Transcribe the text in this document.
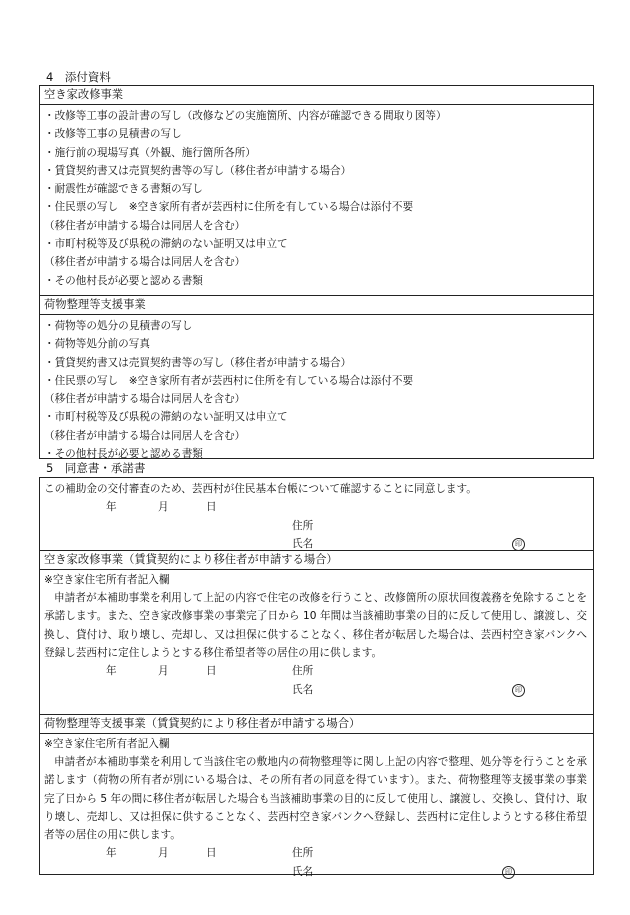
4　添付資料
空き家改修事業
・改修等工事の設計書の写し（改修などの実施箇所、内容が確認できる間取り図等）
・改修等工事の見積書の写し
・施行前の現場写真（外観、施行箇所各所）
・賃貸契約書又は売買契約書等の写し（移住者が申請する場合）
・耐震性が確認できる書類の写し
・住民票の写し　※空き家所有者が芸西村に住所を有している場合は添付不要
（移住者が申請する場合は同居人を含む）
・市町村税等及び県税の滞納のない証明又は申立て
（移住者が申請する場合は同居人を含む）
・その他村長が必要と認める書類
荷物整理等支援事業
・荷物等の処分の見積書の写し
・荷物等処分前の写真
・賃貸契約書又は売買契約書等の写し（移住者が申請する場合）
・住民票の写し　※空き家所有者が芸西村に住所を有している場合は添付不要
（移住者が申請する場合は同居人を含む）
・市町村税等及び県税の滞納のない証明又は申立て
（移住者が申請する場合は同居人を含む）
・その他村長が必要と認める書類
5　同意書・承諾書
この補助金の交付審査のため、芸西村が住民基本台帳について確認することに同意します。
年	月	日
住所
氏名	印
空き家改修事業（賃貸契約により移住者が申請する場合）
※空き家住宅所有者記入欄
申請者が本補助事業を利用して上記の内容で住宅の改修を行うこと、改修箇所の原状回復義務を免除することを承諾します。また、空き家改修事業の事業完了日から 10 年間は当該補助事業の目的に反して使用し、譲渡し、交換し、貸付け、取り壊し、売却し、又は担保に供することなく、移住者が転居した場合は、芸西村空き家バンクへ登録し芸西村に定住しようとする移住希望者等の居住の用に供します。
年	月	日	住所
氏名	印
荷物整理等支援事業（賃貸契約により移住者が申請する場合）
※空き家住宅所有者記入欄
申請者が本補助事業を利用して当該住宅の敷地内の荷物整理等に関し上記の内容で整理、処分等を行うことを承諾します（荷物の所有者が別にいる場合は、その所有者の同意を得ています）。また、荷物整理等支援事業の事業完了日から 5 年の間に移住者が転居した場合も当該補助事業の目的に反して使用し、譲渡し、交換し、貸付け、取り壊し、売却し、又は担保に供することなく、芸西村空き家バンクへ登録し、芸西村に定住しようとする移住希望者等の居住の用に供します。
年	月	日	住所
氏名	印
